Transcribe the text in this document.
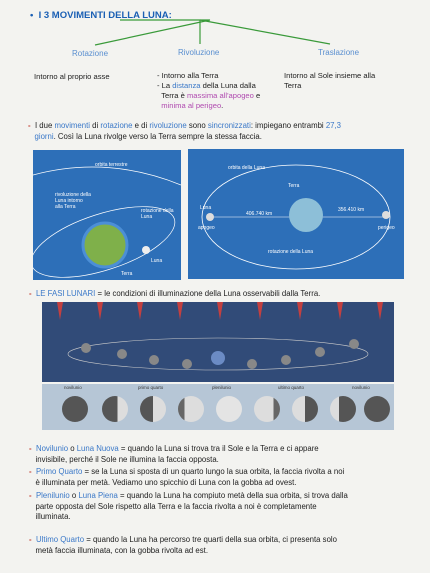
• I 3 MOVIMENTI DELLA LUNA:
Rotazione	Rivoluzione	Traslazione
Intorno al proprio asse	- Intorno alla Terra
- La distanza della Luna dalla
Terra è massima all'apogeo e
minima al perigeo.
Intorno al Sole insieme alla
Terra
- I due movimenti di rotazione e di rivoluzione sono sincronizzati: impiegano entrambi 27,3
giorni. Così la Luna rivolge verso la Terra sempre la stessa faccia.
orbita terrestre
rivoluzione della Luna intorno alla Terra
rotazione della Luna
Luna
Terra
orbita della Luna
Terra
Luna
apogeo
406.740 km
356.410 km
perigeo
rotazione della Luna
- LE FASI LUNARI = le condizioni di illuminazione della Luna osservabili dalla Terra.
novilunio	primo quarto	plenilunio	ultimo quarto	novilunio
- Novilunio o Luna Nuova = quando la Luna si trova tra il Sole e la Terra e ci appare
invisibile, perché il Sole ne illumina la faccia opposta.
- Primo Quarto = se la Luna si sposta di un quarto lungo la sua orbita, la faccia rivolta a noi
è illuminata per metà. Vediamo uno spicchio di Luna con la gobba ad ovest.
- Plenilunio o Luna Piena = quando la Luna ha compiuto metà della sua orbita, si trova dalla
parte opposta del Sole rispetto alla Terra e la faccia rivolta a noi è completamente
illuminata.
- Ultimo Quarto = quando la Luna ha percorso tre quarti della sua orbita, ci presenta solo
metà faccia illuminata, con la gobba rivolta ad est.
